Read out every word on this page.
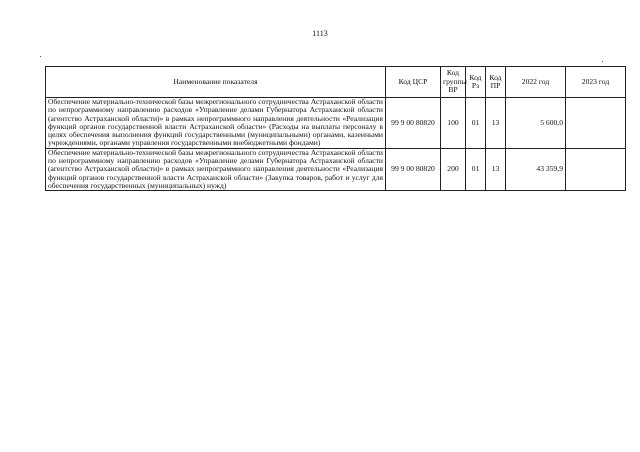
1113
Наименование показателя	Код ЦСР	Код группы ВР	Код Рз	Код ПР	2022 год	2023 год
Обеспечение материально-технической базы межрегионального сотрудничества Астраханской области по непрограммному направлению расходов «Управление делами Губернатора Астраханской области (агентство Астраханской области)» в рамках непрограммного направления деятельности «Реализация функций органов государственной власти Астраханской области» (Расходы на выплаты персоналу в целях обеспечения выполнения функций государственными (муниципальными) органами, казенными учреждениями, органами управления государственными внебюджетными фондами)	99 9 00 80820	100	01	13	5 600,0	
Обеспечение материально-технической базы межрегионального сотрудничества Астраханской области по непрограммному направлению расходов «Управление делами Губернатора Астраханской области (агентство Астраханской области)» в рамках непрограммного направления деятельности «Реализация функций органов государственной власти Астраханской области» (Закупка товаров, работ и услуг для обеспечения государственных (муниципальных) нужд)	99 9 00 80820	200	01	13	43 359,9	
